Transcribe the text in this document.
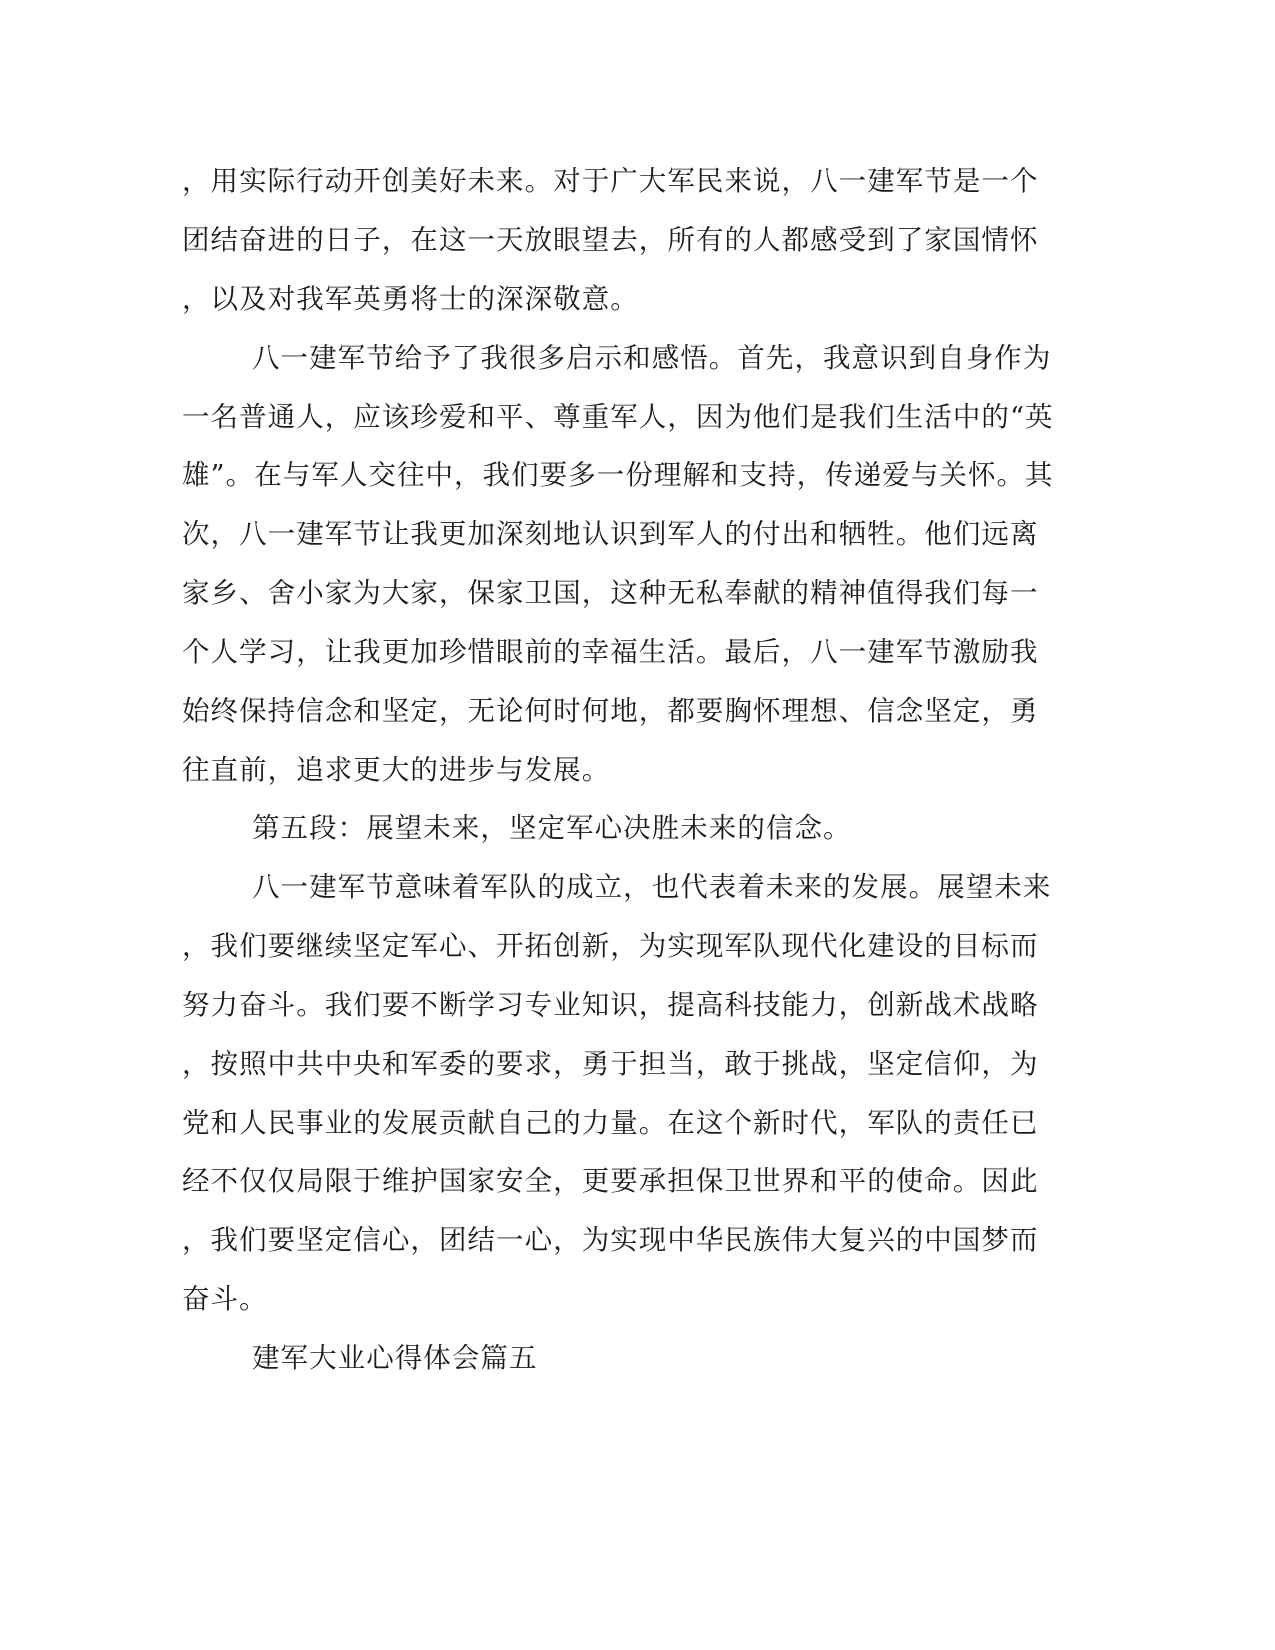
，用实际行动开创美好未来。对于广大军民来说，八一建军节是一个

团结奋进的日子，在这一天放眼望去，所有的人都感受到了家国情怀

，以及对我军英勇将士的深深敬意。

八一建军节给予了我很多启示和感悟。首先，我意识到自身作为

一名普通人，应该珍爱和平、尊重军人，因为他们是我们生活中的“英

雄”。在与军人交往中，我们要多一份理解和支持，传递爱与关怀。其

次，八一建军节让我更加深刻地认识到军人的付出和牺牲。他们远离

家乡、舍小家为大家，保家卫国，这种无私奉献的精神值得我们每一

个人学习，让我更加珍惜眼前的幸福生活。最后，八一建军节激励我

始终保持信念和坚定，无论何时何地，都要胸怀理想、信念坚定，勇

往直前，追求更大的进步与发展。

第五段：展望未来，坚定军心决胜未来的信念。

八一建军节意味着军队的成立，也代表着未来的发展。展望未来

，我们要继续坚定军心、开拓创新，为实现军队现代化建设的目标而

努力奋斗。我们要不断学习专业知识，提高科技能力，创新战术战略

，按照中共中央和军委的要求，勇于担当，敢于挑战，坚定信仰，为

党和人民事业的发展贡献自己的力量。在这个新时代，军队的责任已

经不仅仅局限于维护国家安全，更要承担保卫世界和平的使命。因此

，我们要坚定信心，团结一心，为实现中华民族伟大复兴的中国梦而

奋斗。

建军大业心得体会篇五
